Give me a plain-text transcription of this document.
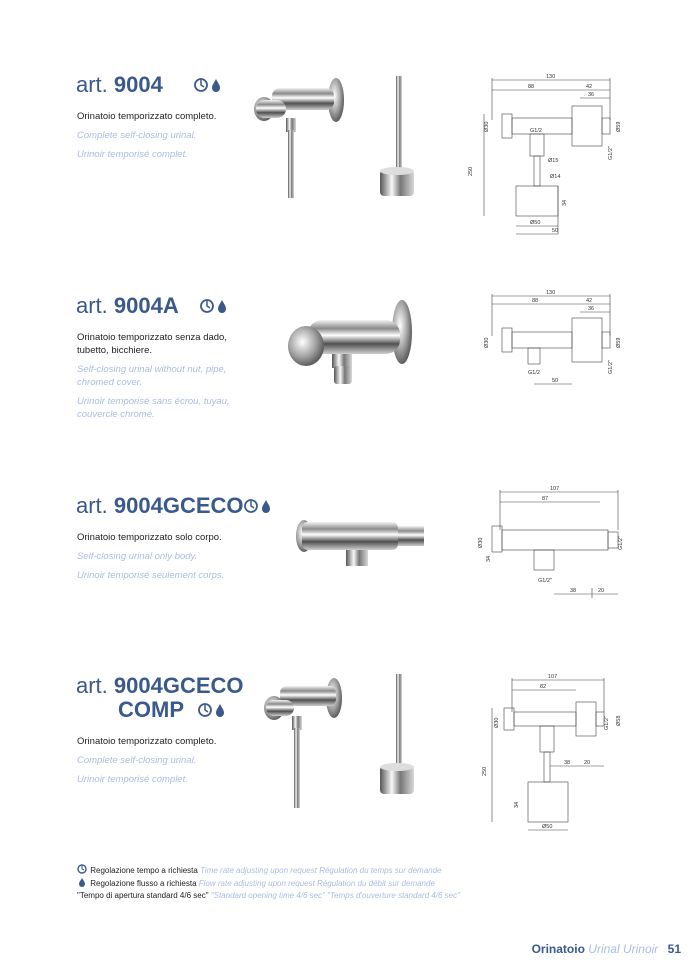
art. 9004
Orinatoio temporizzato completo.
Complete self-closing urinal.
Urinoir temporisé complet.
130
88	42
36
Ø30	G1/2	Ø59
G1/2"
Ø15
Ø14
250
34
Ø50
50
art. 9004A
Orinatoio temporizzato senza dado, tubetto, bicchiere.
Self-closing urinal without nut, pipe, chromed cover.
Urinoir temporisé sans écrou, tuyau, couvercle chromé.
130
88	42
36
Ø30	Ø59
G1/2	G1/2"
50
art. 9004GCECO
Orinatoio temporizzato solo corpo.
Self-closing urinal only body.
Urinoir temporisé seulement corps.
107
87
Ø30
34
G1/2"
G1/2"
38	20
art. 9004GCECO
COMP
Orinatoio temporizzato completo.
Complete self-closing urinal.
Urinoir temporisé complet.
107
82
Ø30	G1/2" Ø58
38	20
250
34
Ø50
Regolazione tempo a richiesta Time rate adjusting upon request Régulation du temps sur demande
Regolazione flusso a richiesta Flow rate adjusting upon request Régulation du débit sur demande
"Tempo di apertura standard 4/6 sec" "Standard opening time 4/6 sec" "Temps d'ouverture standard 4/6 sec"
Orinatoio Urinal Urinoir 51
